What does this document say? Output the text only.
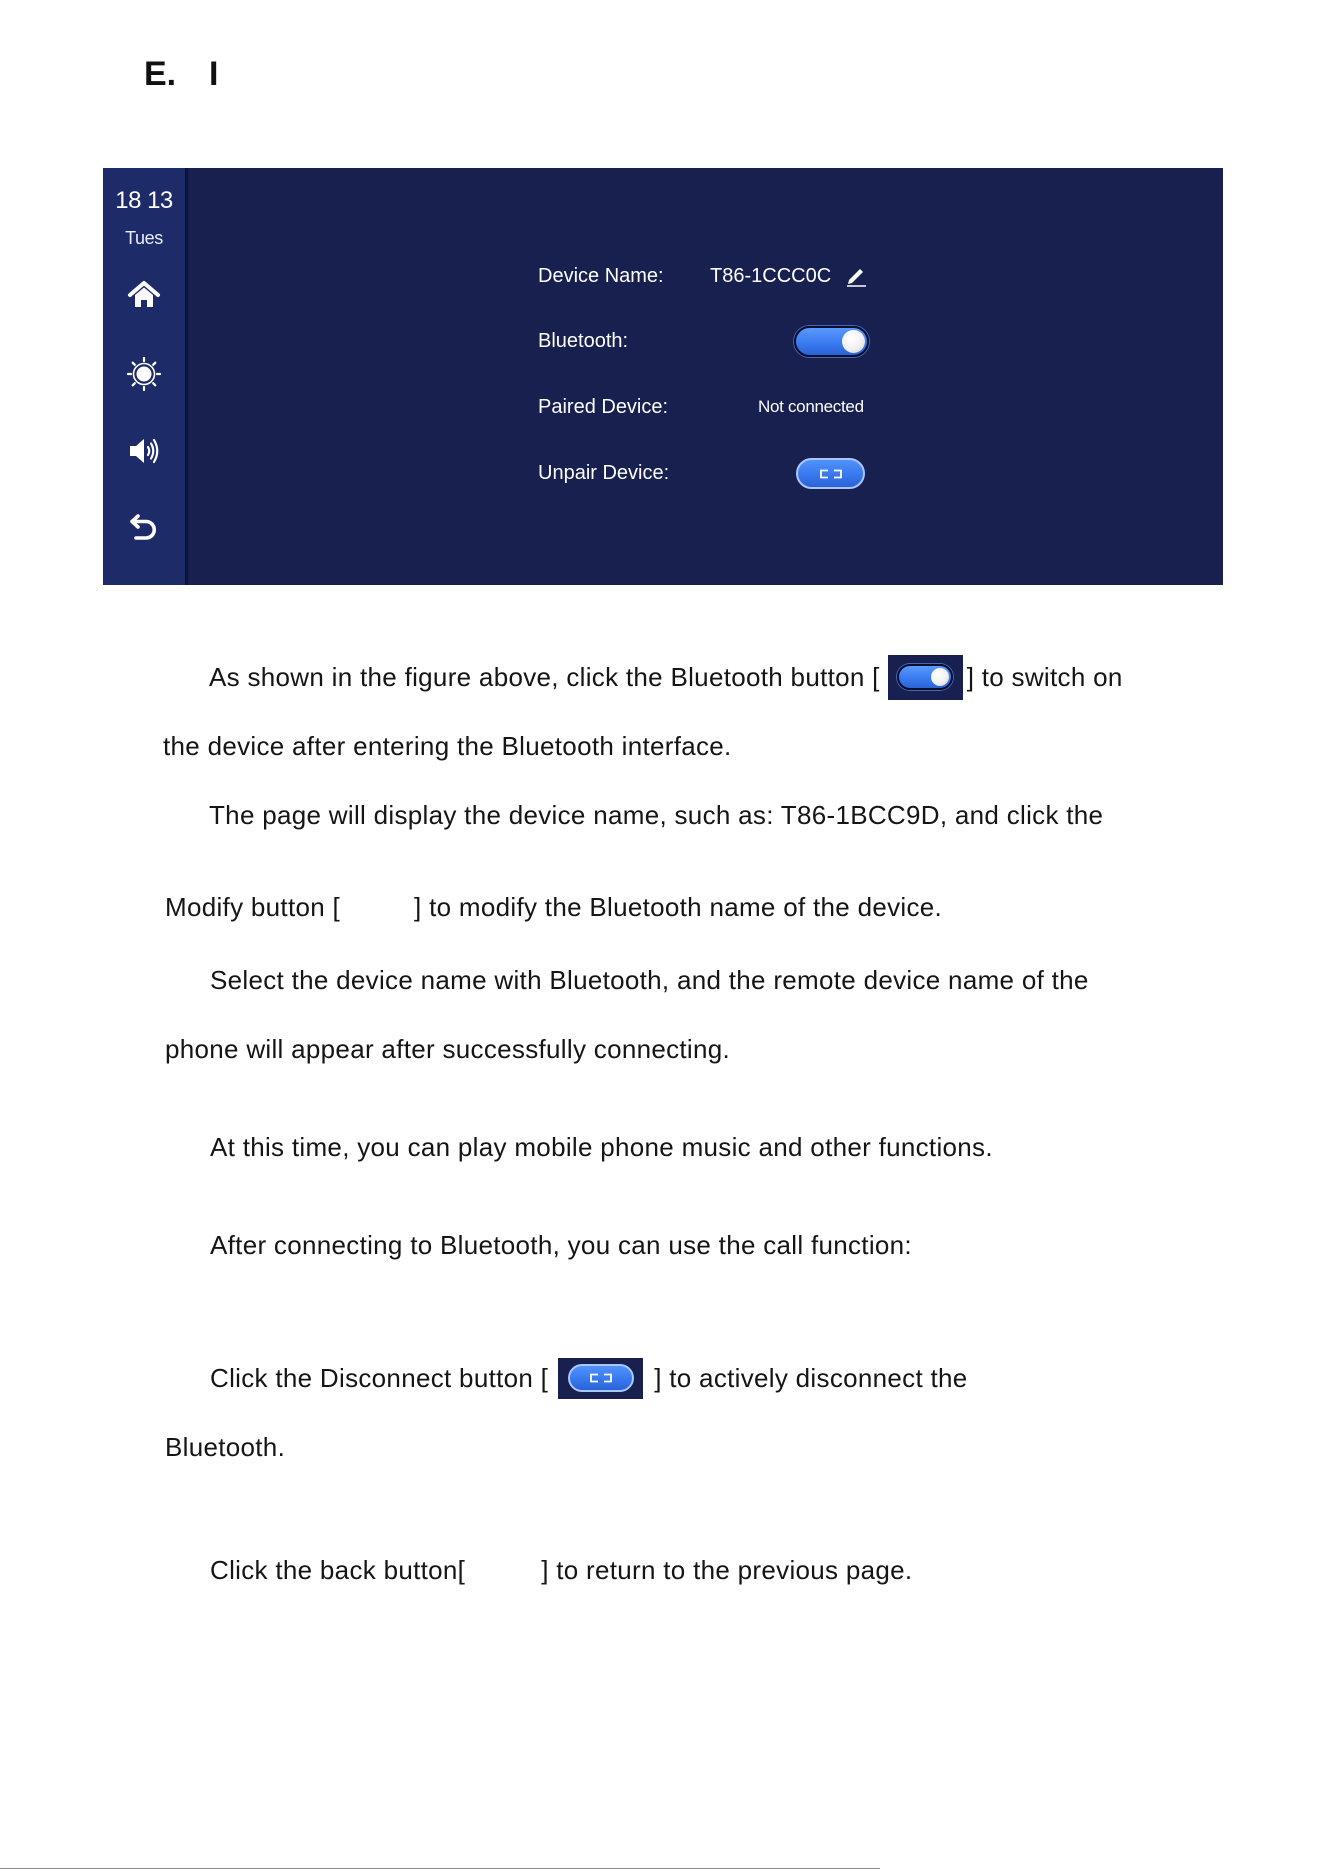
E. I
18 13
Tues
Device Name: T86-1CCC0C
Bluetooth:
Paired Device:	Not connected
Unpair Device:
As shown in the figure above, click the Bluetooth button [	] to switch on
the device after entering the Bluetooth interface.
The page will display the device name, such as: T86-1BCC9D, and click the
Modify button [	] to modify the Bluetooth name of the device.
Select the device name with Bluetooth, and the remote device name of the
phone will appear after successfully connecting.
At this time, you can play mobile phone music and other functions.
After connecting to Bluetooth, you can use the call function:
Click the Disconnect button [	] to actively disconnect the
Bluetooth.
Click the back button[	] to return to the previous page.
